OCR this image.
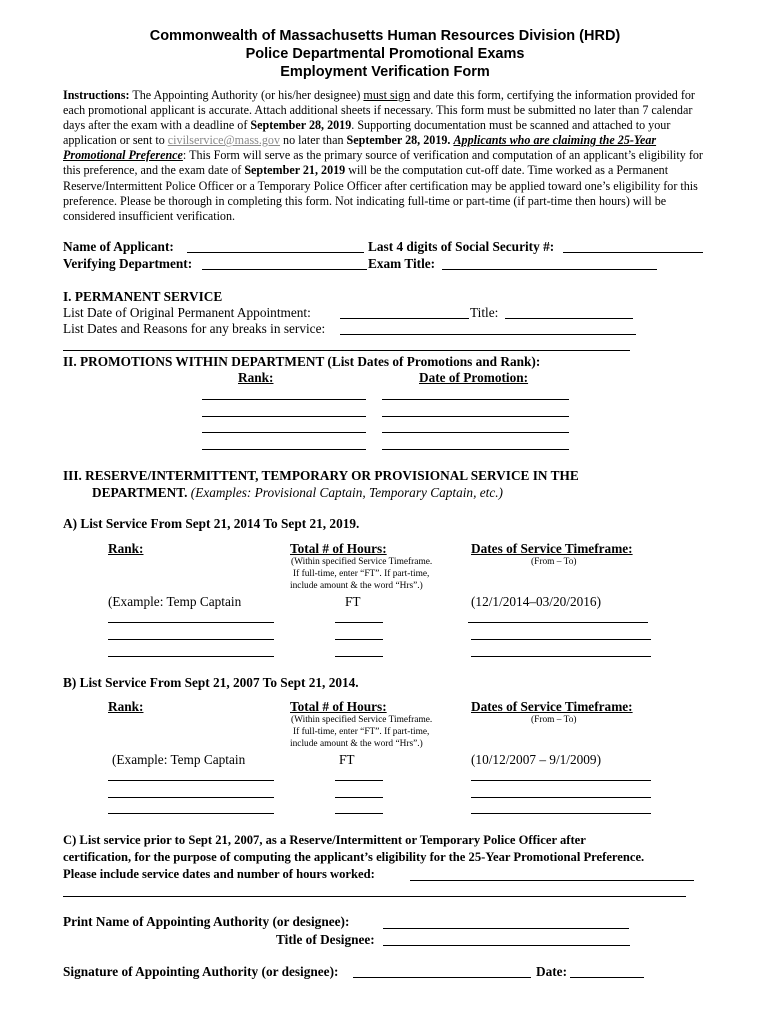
Commonwealth of Massachusetts Human Resources Division (HRD)
Police Departmental Promotional Exams
Employment Verification Form
Instructions: The Appointing Authority (or his/her designee) must sign and date this form, certifying the information provided for each promotional applicant is accurate. Attach additional sheets if necessary. This form must be submitted no later than 7 calendar days after the exam with a deadline of September 28, 2019. Supporting documentation must be scanned and attached to your application or sent to civilservice@mass.gov no later than September 28, 2019. Applicants who are claiming the 25-Year Promotional Preference: This Form will serve as the primary source of verification and computation of an applicant’s eligibility for this preference, and the exam date of September 21, 2019 will be the computation cut-off date. Time worked as a Permanent Reserve/Intermittent Police Officer or a Temporary Police Officer after certification may be applied toward one’s eligibility for this preference. Please be thorough in completing this form. Not indicating full-time or part-time (if part-time then hours) will be considered insufficient verification.
Name of Applicant:	Last 4 digits of Social Security #:
Verifying Department:	Exam Title:
I. PERMANENT SERVICE
List Date of Original Permanent Appointment:	Title:
List Dates and Reasons for any breaks in service:
II. PROMOTIONS WITHIN DEPARTMENT (List Dates of Promotions and Rank):
Rank:	Date of Promotion:
III. RESERVE/INTERMITTENT, TEMPORARY OR PROVISIONAL SERVICE IN THE
DEPARTMENT. (Examples: Provisional Captain, Temporary Captain, etc.)
A) List Service From Sept 21, 2014 To Sept 21, 2019.
Rank:	Total # of Hours:	Dates of Service Timeframe:
(Within specified Service Timeframe.
If full-time, enter “FT”. If part-time,
include amount & the word “Hrs”.)
(From – To)
(Example: Temp Captain	FT	(12/1/2014–03/20/2016)
B) List Service From Sept 21, 2007 To Sept 21, 2014.
Rank:	Total # of Hours:	Dates of Service Timeframe:
(Within specified Service Timeframe.
If full-time, enter “FT”. If part-time,
include amount & the word “Hrs”.)
(From – To)
(Example: Temp Captain	FT	(10/12/2007 – 9/1/2009)
C) List service prior to Sept 21, 2007, as a Reserve/Intermittent or Temporary Police Officer after
certification, for the purpose of computing the applicant’s eligibility for the 25-Year Promotional Preference.
Please include service dates and number of hours worked:
Print Name of Appointing Authority (or designee):
Title of Designee:
Signature of Appointing Authority (or designee):	Date:
